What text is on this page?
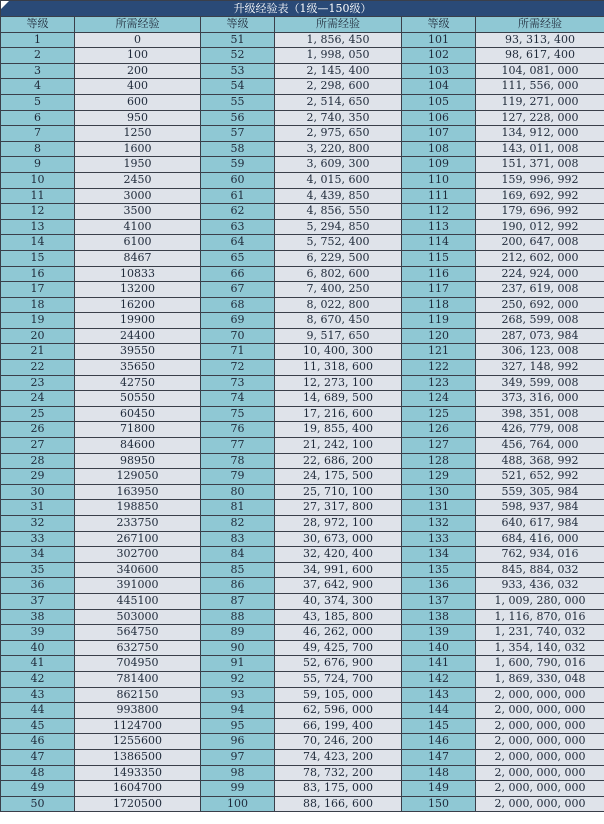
升级经验表（1级—150级）					
等级	所需经验	等级	所需经验	等级	所需经验
1	0	51	1, 856, 450	101	93, 313, 400
2	100	52	1, 998, 050	102	98, 617, 400
3	200	53	2, 145, 400	103	104, 081, 000
4	400	54	2, 298, 600	104	111, 556, 000
5	600	55	2, 514, 650	105	119, 271, 000
6	950	56	2, 740, 350	106	127, 228, 000
7	1250	57	2, 975, 650	107	134, 912, 000
8	1600	58	3, 220, 800	108	143, 011, 008
9	1950	59	3, 609, 300	109	151, 371, 008
10	2450	60	4, 015, 600	110	159, 996, 992
11	3000	61	4, 439, 850	111	169, 692, 992
12	3500	62	4, 856, 550	112	179, 696, 992
13	4100	63	5, 294, 850	113	190, 012, 992
14	6100	64	5, 752, 400	114	200, 647, 008
15	8467	65	6, 229, 500	115	212, 602, 000
16	10833	66	6, 802, 600	116	224, 924, 000
17	13200	67	7, 400, 250	117	237, 619, 008
18	16200	68	8, 022, 800	118	250, 692, 000
19	19900	69	8, 670, 450	119	268, 599, 008
20	24400	70	9, 517, 650	120	287, 073, 984
21	39550	71	10, 400, 300	121	306, 123, 008
22	35650	72	11, 318, 600	122	327, 148, 992
23	42750	73	12, 273, 100	123	349, 599, 008
24	50550	74	14, 689, 500	124	373, 316, 000
25	60450	75	17, 216, 600	125	398, 351, 008
26	71800	76	19, 855, 400	126	426, 779, 008
27	84600	77	21, 242, 100	127	456, 764, 000
28	98950	78	22, 686, 200	128	488, 368, 992
29	129050	79	24, 175, 500	129	521, 652, 992
30	163950	80	25, 710, 100	130	559, 305, 984
31	198850	81	27, 317, 800	131	598, 937, 984
32	233750	82	28, 972, 100	132	640, 617, 984
33	267100	83	30, 673, 000	133	684, 416, 000
34	302700	84	32, 420, 400	134	762, 934, 016
35	340600	85	34, 991, 600	135	845, 884, 032
36	391000	86	37, 642, 900	136	933, 436, 032
37	445100	87	40, 374, 300	137	1, 009, 280, 000
38	503000	88	43, 185, 800	138	1, 116, 870, 016
39	564750	89	46, 262, 000	139	1, 231, 740, 032
40	632750	90	49, 425, 700	140	1, 354, 140, 032
41	704950	91	52, 676, 900	141	1, 600, 790, 016
42	781400	92	55, 724, 700	142	1, 869, 330, 048
43	862150	93	59, 105, 000	143	2, 000, 000, 000
44	993800	94	62, 596, 000	144	2, 000, 000, 000
45	1124700	95	66, 199, 400	145	2, 000, 000, 000
46	1255600	96	70, 246, 200	146	2, 000, 000, 000
47	1386500	97	74, 423, 200	147	2, 000, 000, 000
48	1493350	98	78, 732, 200	148	2, 000, 000, 000
49	1604700	99	83, 175, 000	149	2, 000, 000, 000
50	1720500	100	88, 166, 600	150	2, 000, 000, 000
